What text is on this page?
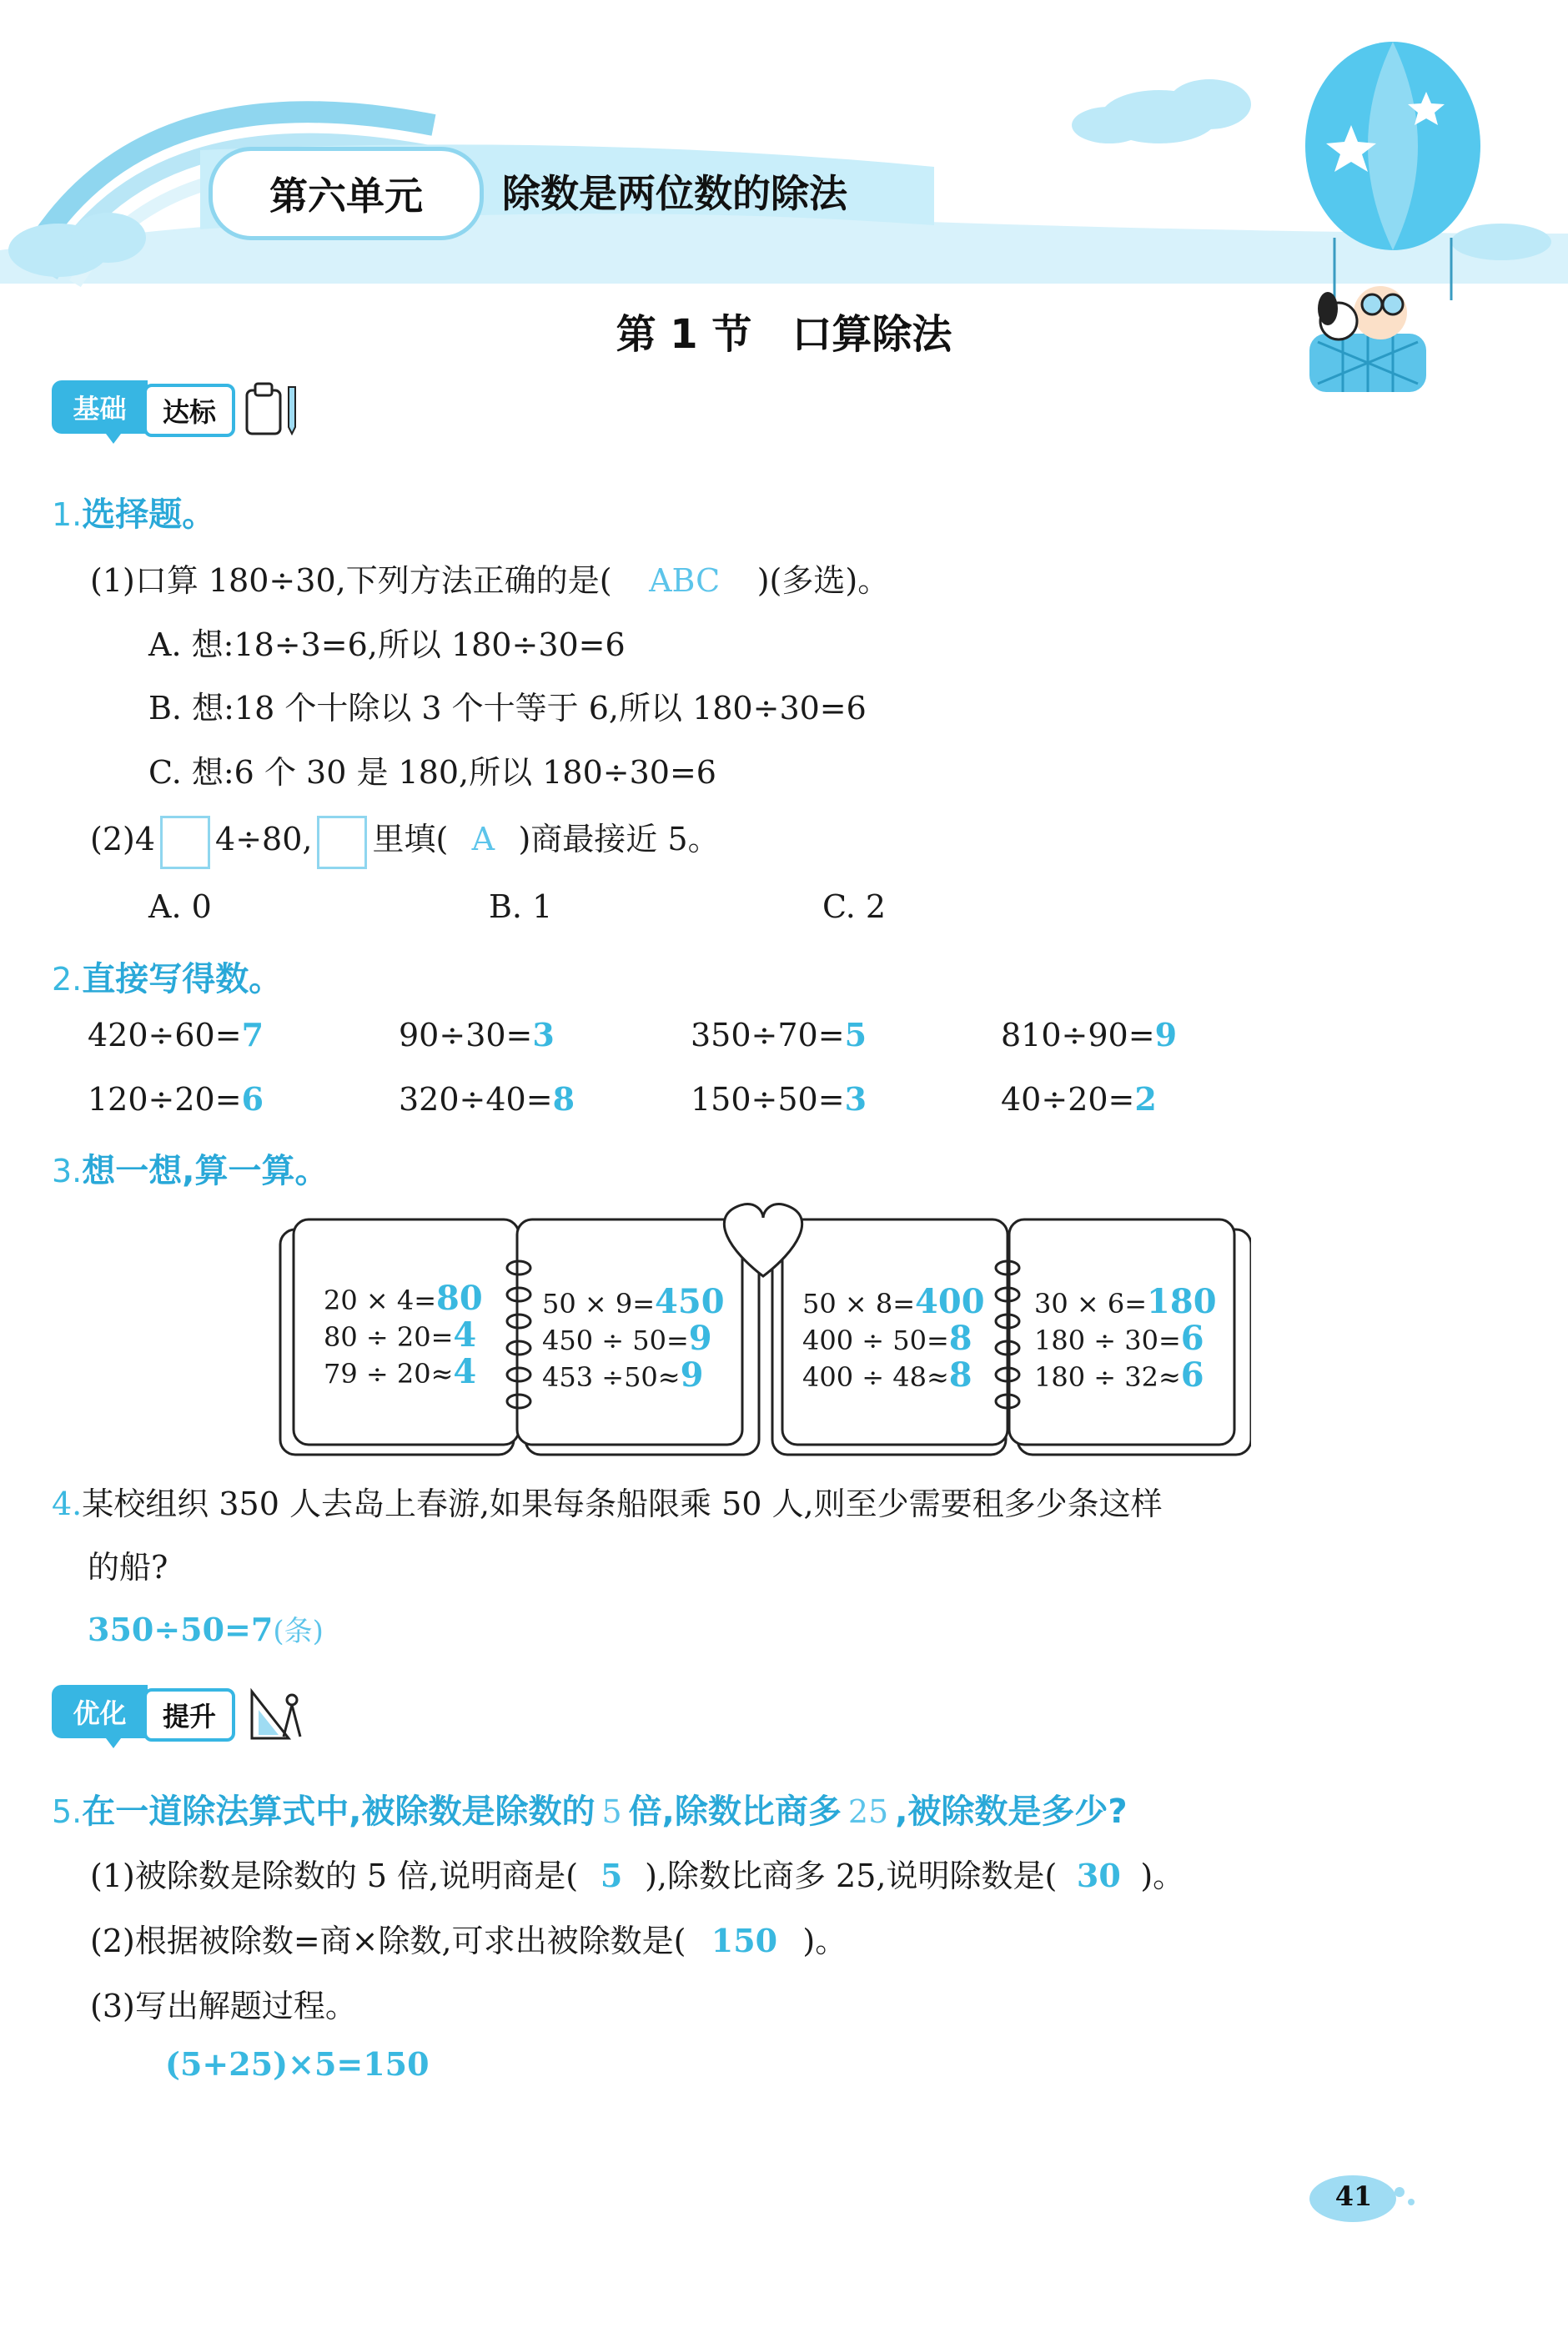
第六单元	除数是两位数的除法
第 1 节　口算除法
基础	达标
1.选择题。
(1)口算 180÷30,下列方法正确的是( ABC )(多选)。
A. 想:18÷3=6,所以 180÷30=6
B. 想:18 个十除以 3 个十等于 6,所以 180÷30=6
C. 想:6 个 30 是 180,所以 180÷30=6
(2)4 4÷80, 里填( A )商最接近 5。
A. 0	B. 1	C. 2
2.直接写得数。
420÷60=7	90÷30=3	350÷70=5	810÷90=9
120÷20=6	320÷40=8	150÷50=3	40÷20=2
3.想一想,算一算。
20 × 4=80
80 ÷ 20=4
79 ÷ 20≈4
50 × 9=450
450 ÷ 50=9
453 ÷50≈9
50 × 8=400
400 ÷ 50=8
400 ÷ 48≈8
30 × 6=180
180 ÷ 30=6
180 ÷ 32≈6
4.某校组织 350 人去岛上春游,如果每条船限乘 50 人,则至少需要租多少条这样
的船?
350÷50=7(条)
优化	提升
5.在一道除法算式中,被除数是除数的 5 倍,除数比商多 25 ,被除数是多少?
(1)被除数是除数的 5 倍,说明商是( 5 ),除数比商多 25,说明除数是( 30 )。
(2)根据被除数=商×除数,可求出被除数是( 150 )。
(3)写出解题过程。
(5+25)×5=150
41
